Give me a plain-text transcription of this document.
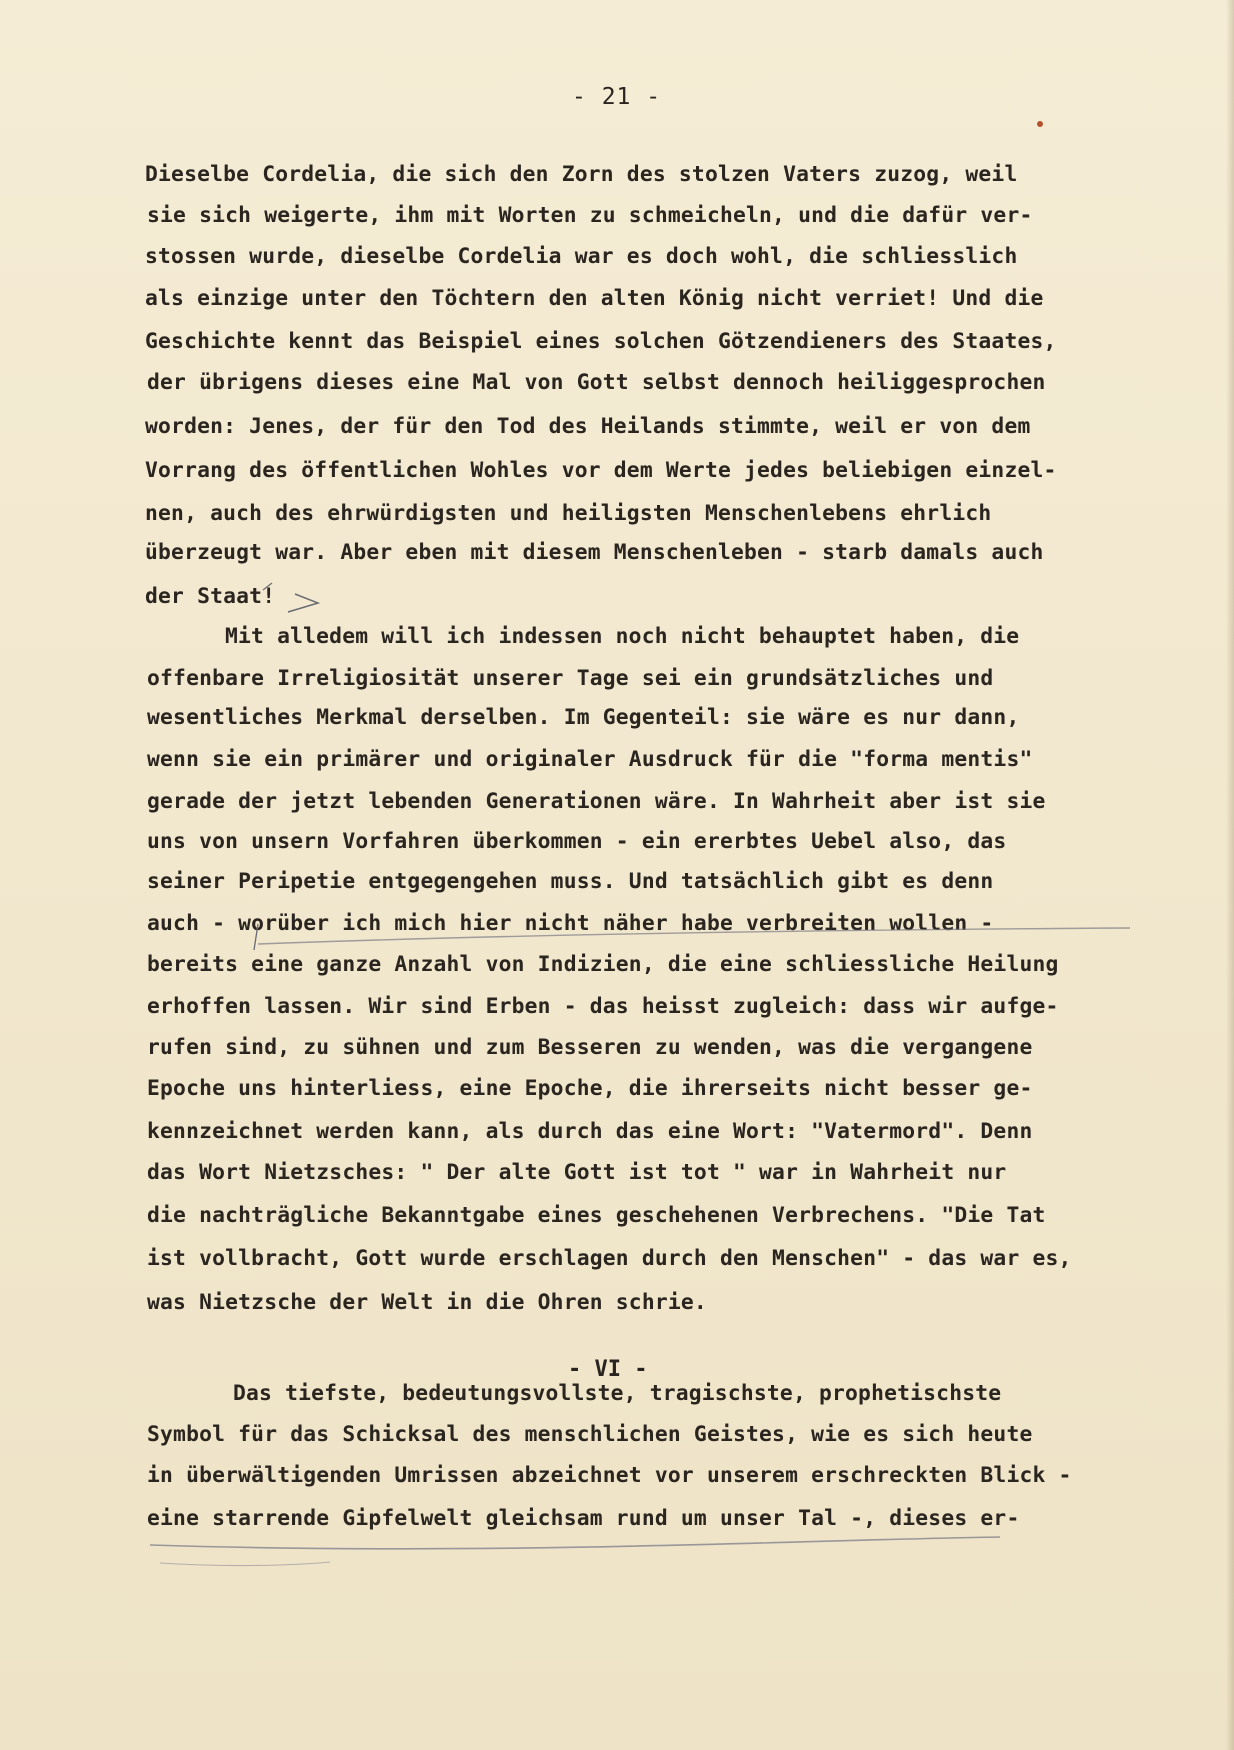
- 21 -
Dieselbe Cordelia, die sich den Zorn des stolzen Vaters zuzog, weil
sie sich weigerte, ihm mit Worten zu schmeicheln, und die dafür ver-
stossen wurde, dieselbe Cordelia war es doch wohl, die schliesslich
als einzige unter den Töchtern den alten König nicht verriet! Und die
Geschichte kennt das Beispiel eines solchen Götzendieners des Staates,
der übrigens dieses eine Mal von Gott selbst dennoch heiliggesprochen
worden: Jenes, der für den Tod des Heilands stimmte, weil er von dem
Vorrang des öffentlichen Wohles vor dem Werte jedes beliebigen einzel-
nen, auch des ehrwürdigsten und heiligsten Menschenlebens ehrlich
überzeugt war. Aber eben mit diesem Menschenleben - starb damals auch
der Staat!
Mit alledem will ich indessen noch nicht behauptet haben, die
offenbare Irreligiosität unserer Tage sei ein grundsätzliches und
wesentliches Merkmal derselben. Im Gegenteil: sie wäre es nur dann,
wenn sie ein primärer und originaler Ausdruck für die "forma mentis"
gerade der jetzt lebenden Generationen wäre. In Wahrheit aber ist sie
uns von unsern Vorfahren überkommen - ein ererbtes Uebel also, das
seiner Peripetie entgegengehen muss. Und tatsächlich gibt es denn
auch - worüber ich mich hier nicht näher habe verbreiten wollen -
bereits eine ganze Anzahl von Indizien, die eine schliessliche Heilung
erhoffen lassen. Wir sind Erben - das heisst zugleich: dass wir aufge-
rufen sind, zu sühnen und zum Besseren zu wenden, was die vergangene
Epoche uns hinterliess, eine Epoche, die ihrerseits nicht besser ge-
kennzeichnet werden kann, als durch das eine Wort: "Vatermord". Denn
das Wort Nietzsches: " Der alte Gott ist tot " war in Wahrheit nur
die nachträgliche Bekanntgabe eines geschehenen Verbrechens. "Die Tat
ist vollbracht, Gott wurde erschlagen durch den Menschen" - das war es,
was Nietzsche der Welt in die Ohren schrie.
Das tiefste, bedeutungsvollste, tragischste, prophetischste
Symbol für das Schicksal des menschlichen Geistes, wie es sich heute
in überwältigenden Umrissen abzeichnet vor unserem erschreckten Blick -
eine starrende Gipfelwelt gleichsam rund um unser Tal -, dieses er-
- VI -
